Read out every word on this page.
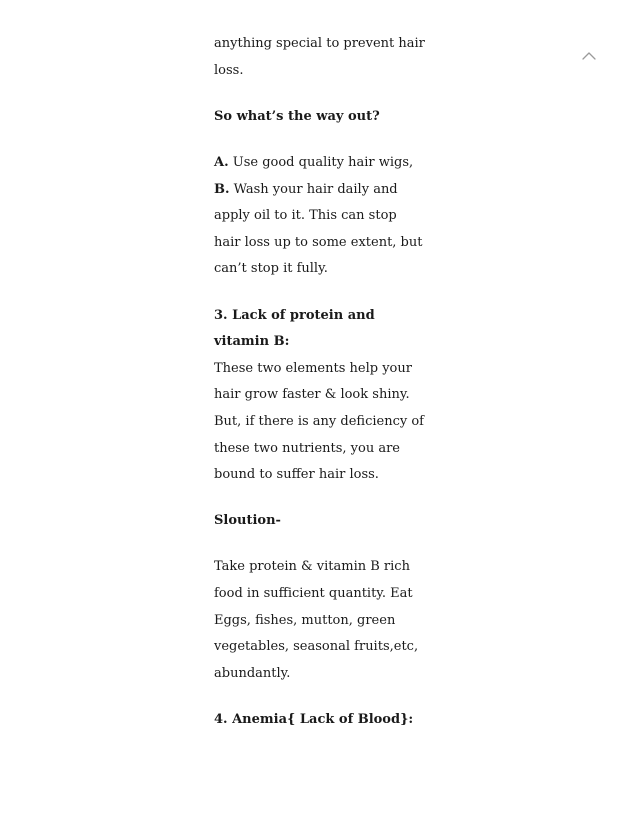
anything special to prevent hair loss.

So what’s the way out?

A. Use good quality hair wigs,
B. Wash your hair daily and apply oil to it. This can stop hair loss up to some extent, but can’t stop it fully.

3. Lack of protein and vitamin B:

These two elements help your hair grow faster & look shiny. But, if there is any deficiency of these two nutrients, you are bound to suffer hair loss.

Sloution-

Take protein & vitamin B rich food in sufficient quantity. Eat Eggs, fishes, mutton, green vegetables, seasonal fruits,etc, abundantly.

4. Anemia{ Lack of Blood}:
